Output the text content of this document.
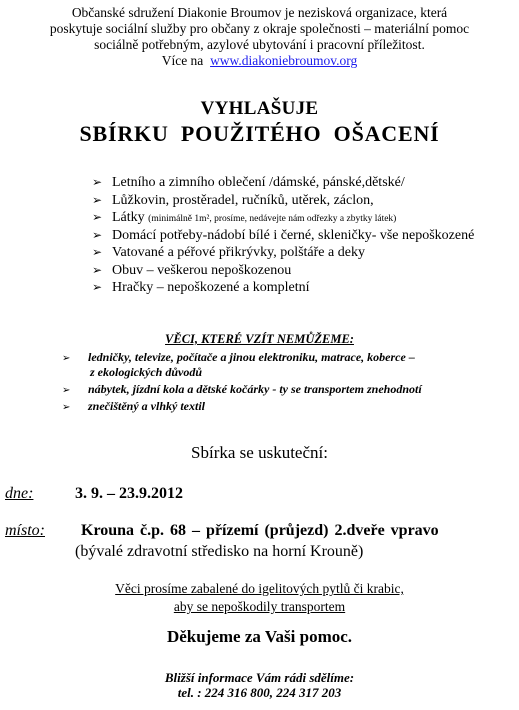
Občanské sdružení Diakonie Broumov je nezisková organizace, která
poskytuje sociální služby pro občany z okraje společnosti – materiální pomoc
sociálně potřebným, azylové ubytování i pracovní příležitost.
Více na www.diakoniebroumov.org
VYHLAŠUJE
SBÍRKU POUŽITÉHO OŠACENÍ
➢ Letního a zimního oblečení /dámské, pánské,dětské/
➢ Lůžkovin, prostěradel, ručníků, utěrek, záclon,
➢ Látky (minimálně 1m², prosíme, nedávejte nám odřezky a zbytky látek)
➢ Domácí potřeby-nádobí bílé i černé, skleničky- vše nepoškozené
➢ Vatované a péřové přikrývky, polštáře a deky
➢ Obuv – veškerou nepoškozenou
➢ Hračky – nepoškozené a kompletní
VĚCI, KTERÉ VZÍT NEMŮŽEME:
➢ ledničky, televize, počítače a jinou elektroniku, matrace, koberce –
z ekologických důvodů
➢ nábytek, jízdní kola a dětské kočárky - ty se transportem znehodnotí
➢ znečištěný a vlhký textil
Sbírka se uskuteční:
dne:	3. 9. – 23.9.2012
místo: Krouna č.p. 68 – přízemí (průjezd) 2.dveře vpravo
(bývalé zdravotní středisko na horní Krouně)
Věci prosíme zabalené do igelitových pytlů či krabic,
aby se nepoškodily transportem
Děkujeme za Vaši pomoc.
Bližší informace Vám rádi sdělíme:
tel. : 224 316 800, 224 317 203
